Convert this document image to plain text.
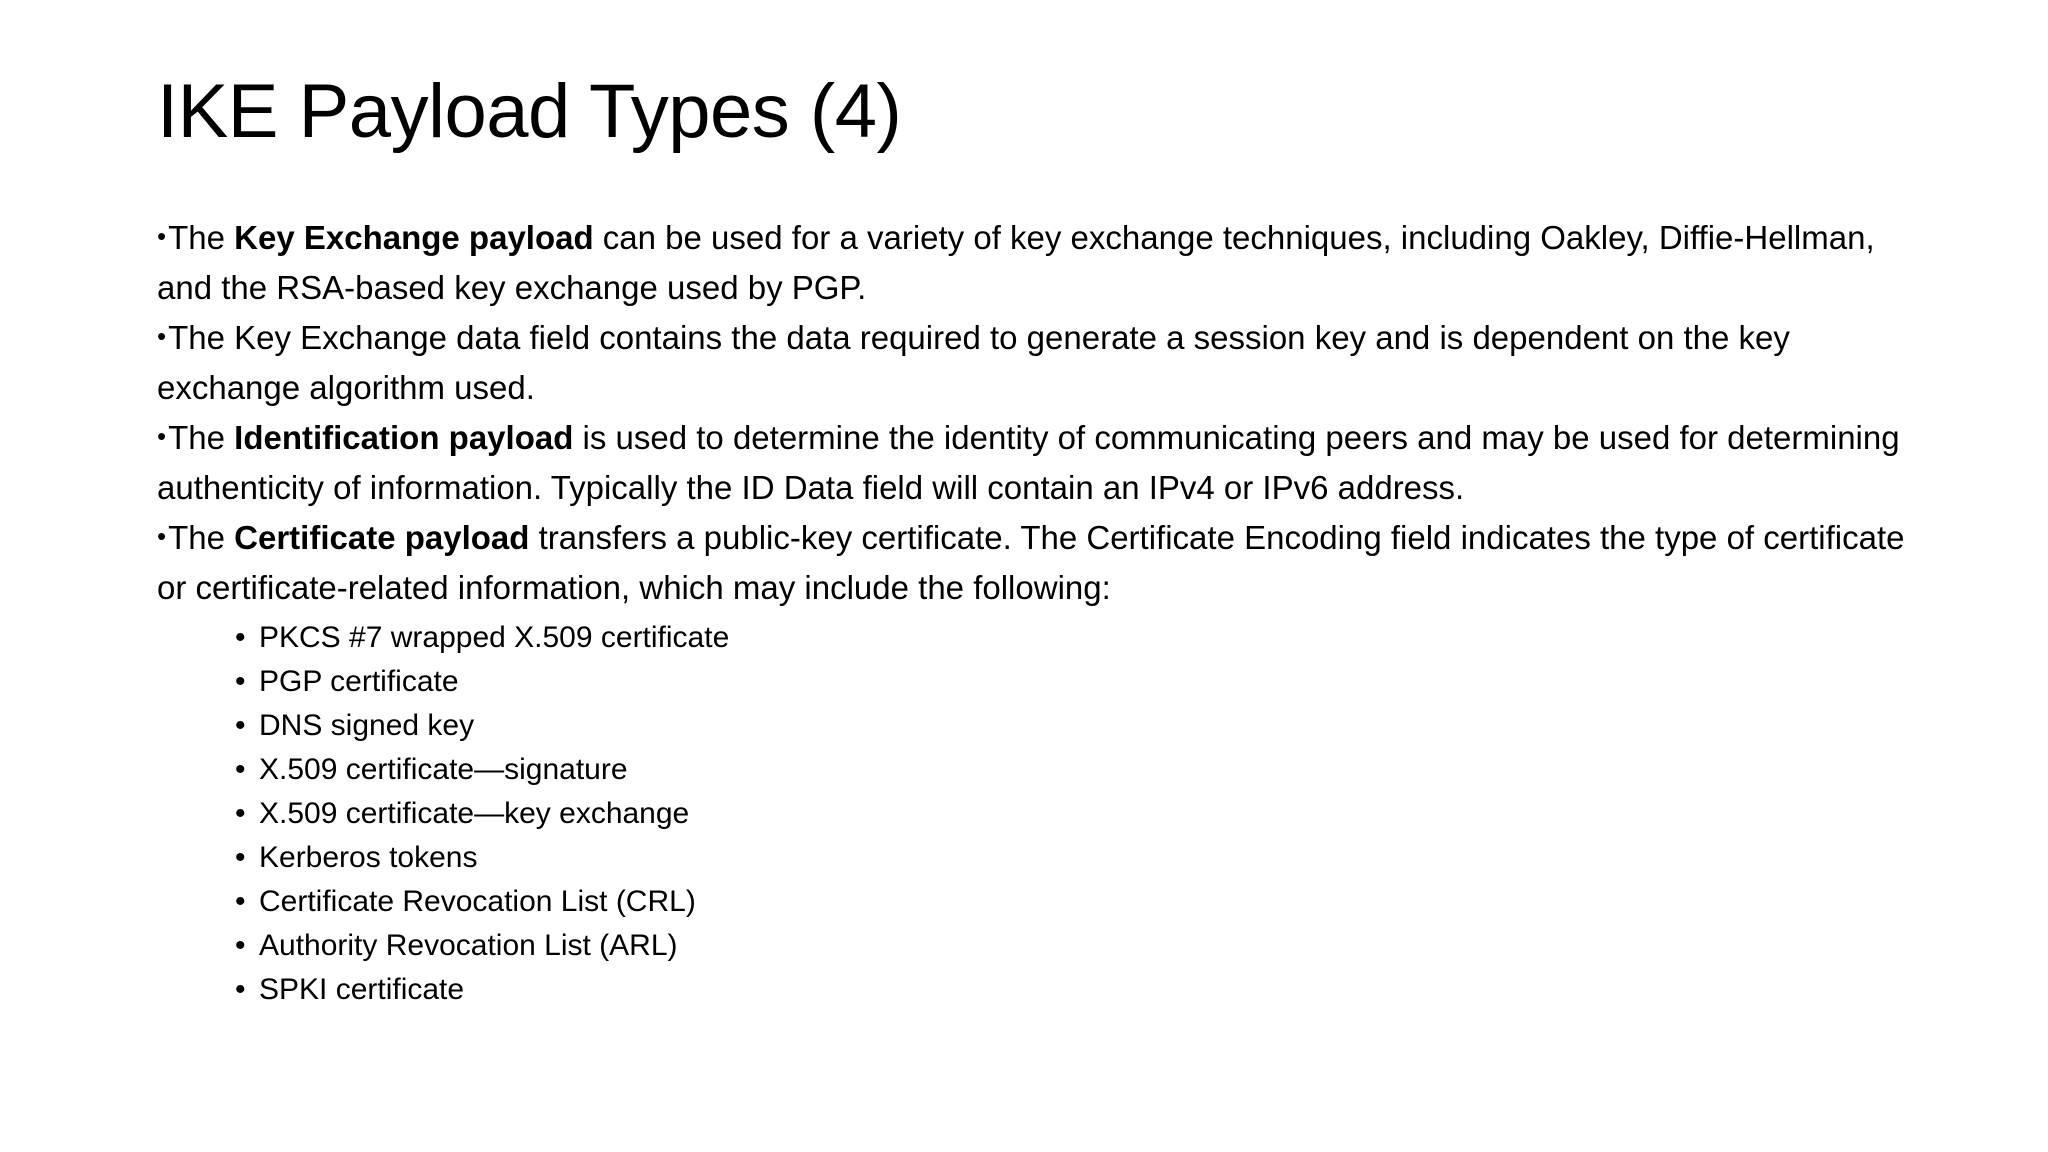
IKE Payload Types (4)

•The Key Exchange payload can be used for a variety of key exchange techniques, including Oakley, Diffie-Hellman, and the RSA-based key exchange used by PGP.

•The Key Exchange data field contains the data required to generate a session key and is dependent on the key exchange algorithm used.

•The Identification payload is used to determine the identity of communicating peers and may be used for determining authenticity of information. Typically the ID Data field will contain an IPv4 or IPv6 address.

•The Certificate payload transfers a public-key certificate. The Certificate Encoding field indicates the type of certificate or certificate-related information, which may include the following:

• PKCS #7 wrapped X.509 certificate
• PGP certificate
• DNS signed key
• X.509 certificate—signature
• X.509 certificate—key exchange
• Kerberos tokens
• Certificate Revocation List (CRL)
• Authority Revocation List (ARL)
• SPKI certificate
